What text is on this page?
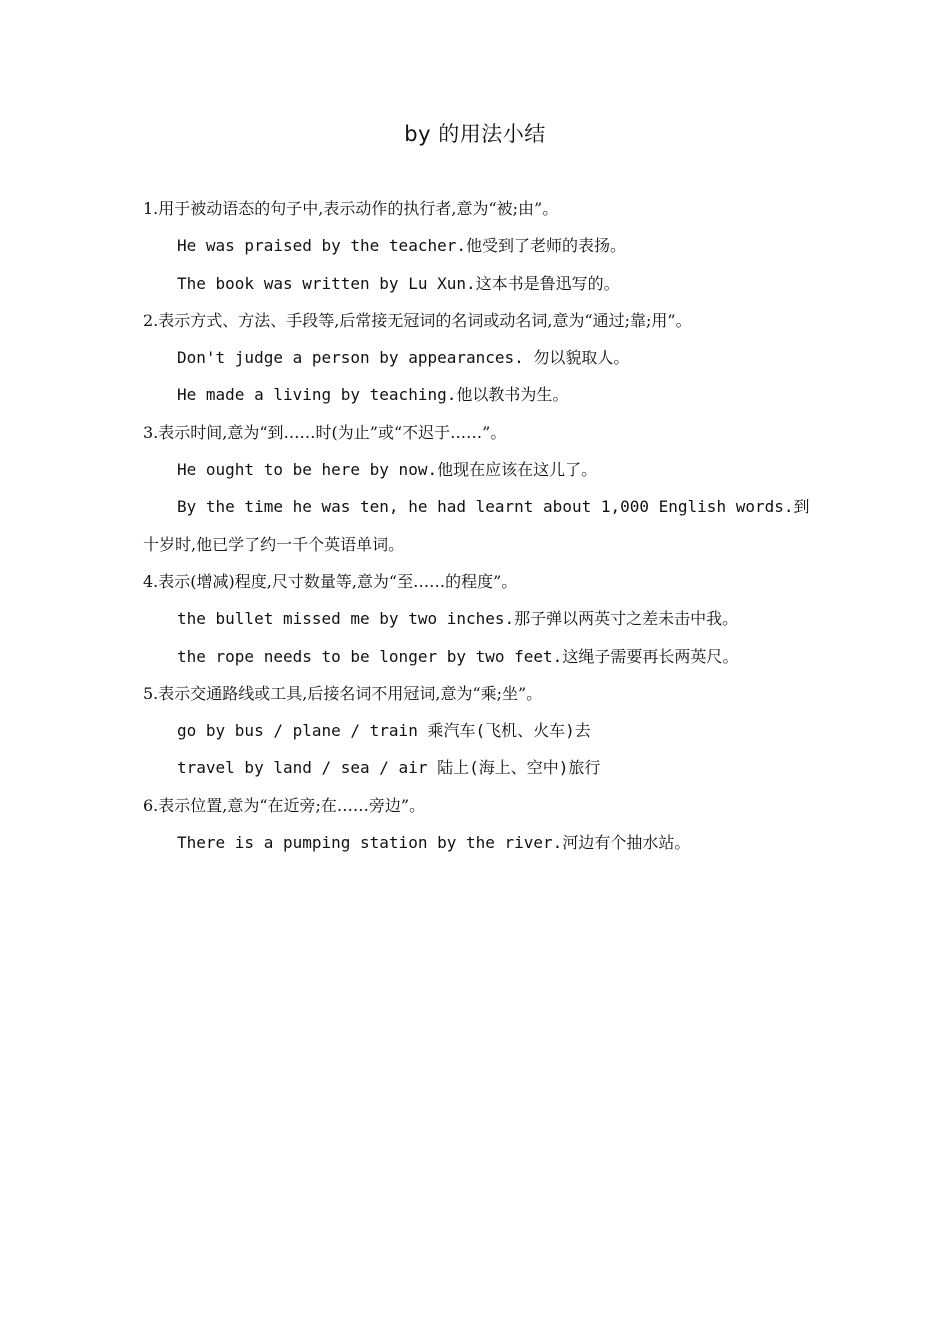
by 的用法小结
1.用于被动语态的句子中,表示动作的执行者,意为“被;由”。
He was praised by the teacher.他受到了老师的表扬。
The book was written by Lu Xun.这本书是鲁迅写的。
2.表示方式、方法、手段等,后常接无冠词的名词或动名词,意为“通过;靠;用”。
Don't judge a person by appearances. 勿以貌取人。
He made a living by teaching.他以教书为生。
3.表示时间,意为“到……时(为止”或“不迟于……”。
He ought to be here by now.他现在应该在这儿了。
By the time he was ten, he had learnt about 1,000 English words.到
十岁时,他已学了约一千个英语单词。
4.表示(增减)程度,尺寸数量等,意为“至……的程度”。
the bullet missed me by two inches.那子弹以两英寸之差未击中我。
the rope needs to be longer by two feet.这绳子需要再长两英尺。
5.表示交通路线或工具,后接名词不用冠词,意为“乘;坐”。
go by bus / plane / train 乘汽车(飞机、火车)去
travel by land / sea / air 陆上(海上、空中)旅行
6.表示位置,意为“在近旁;在……旁边”。
There is a pumping station by the river.河边有个抽水站。
